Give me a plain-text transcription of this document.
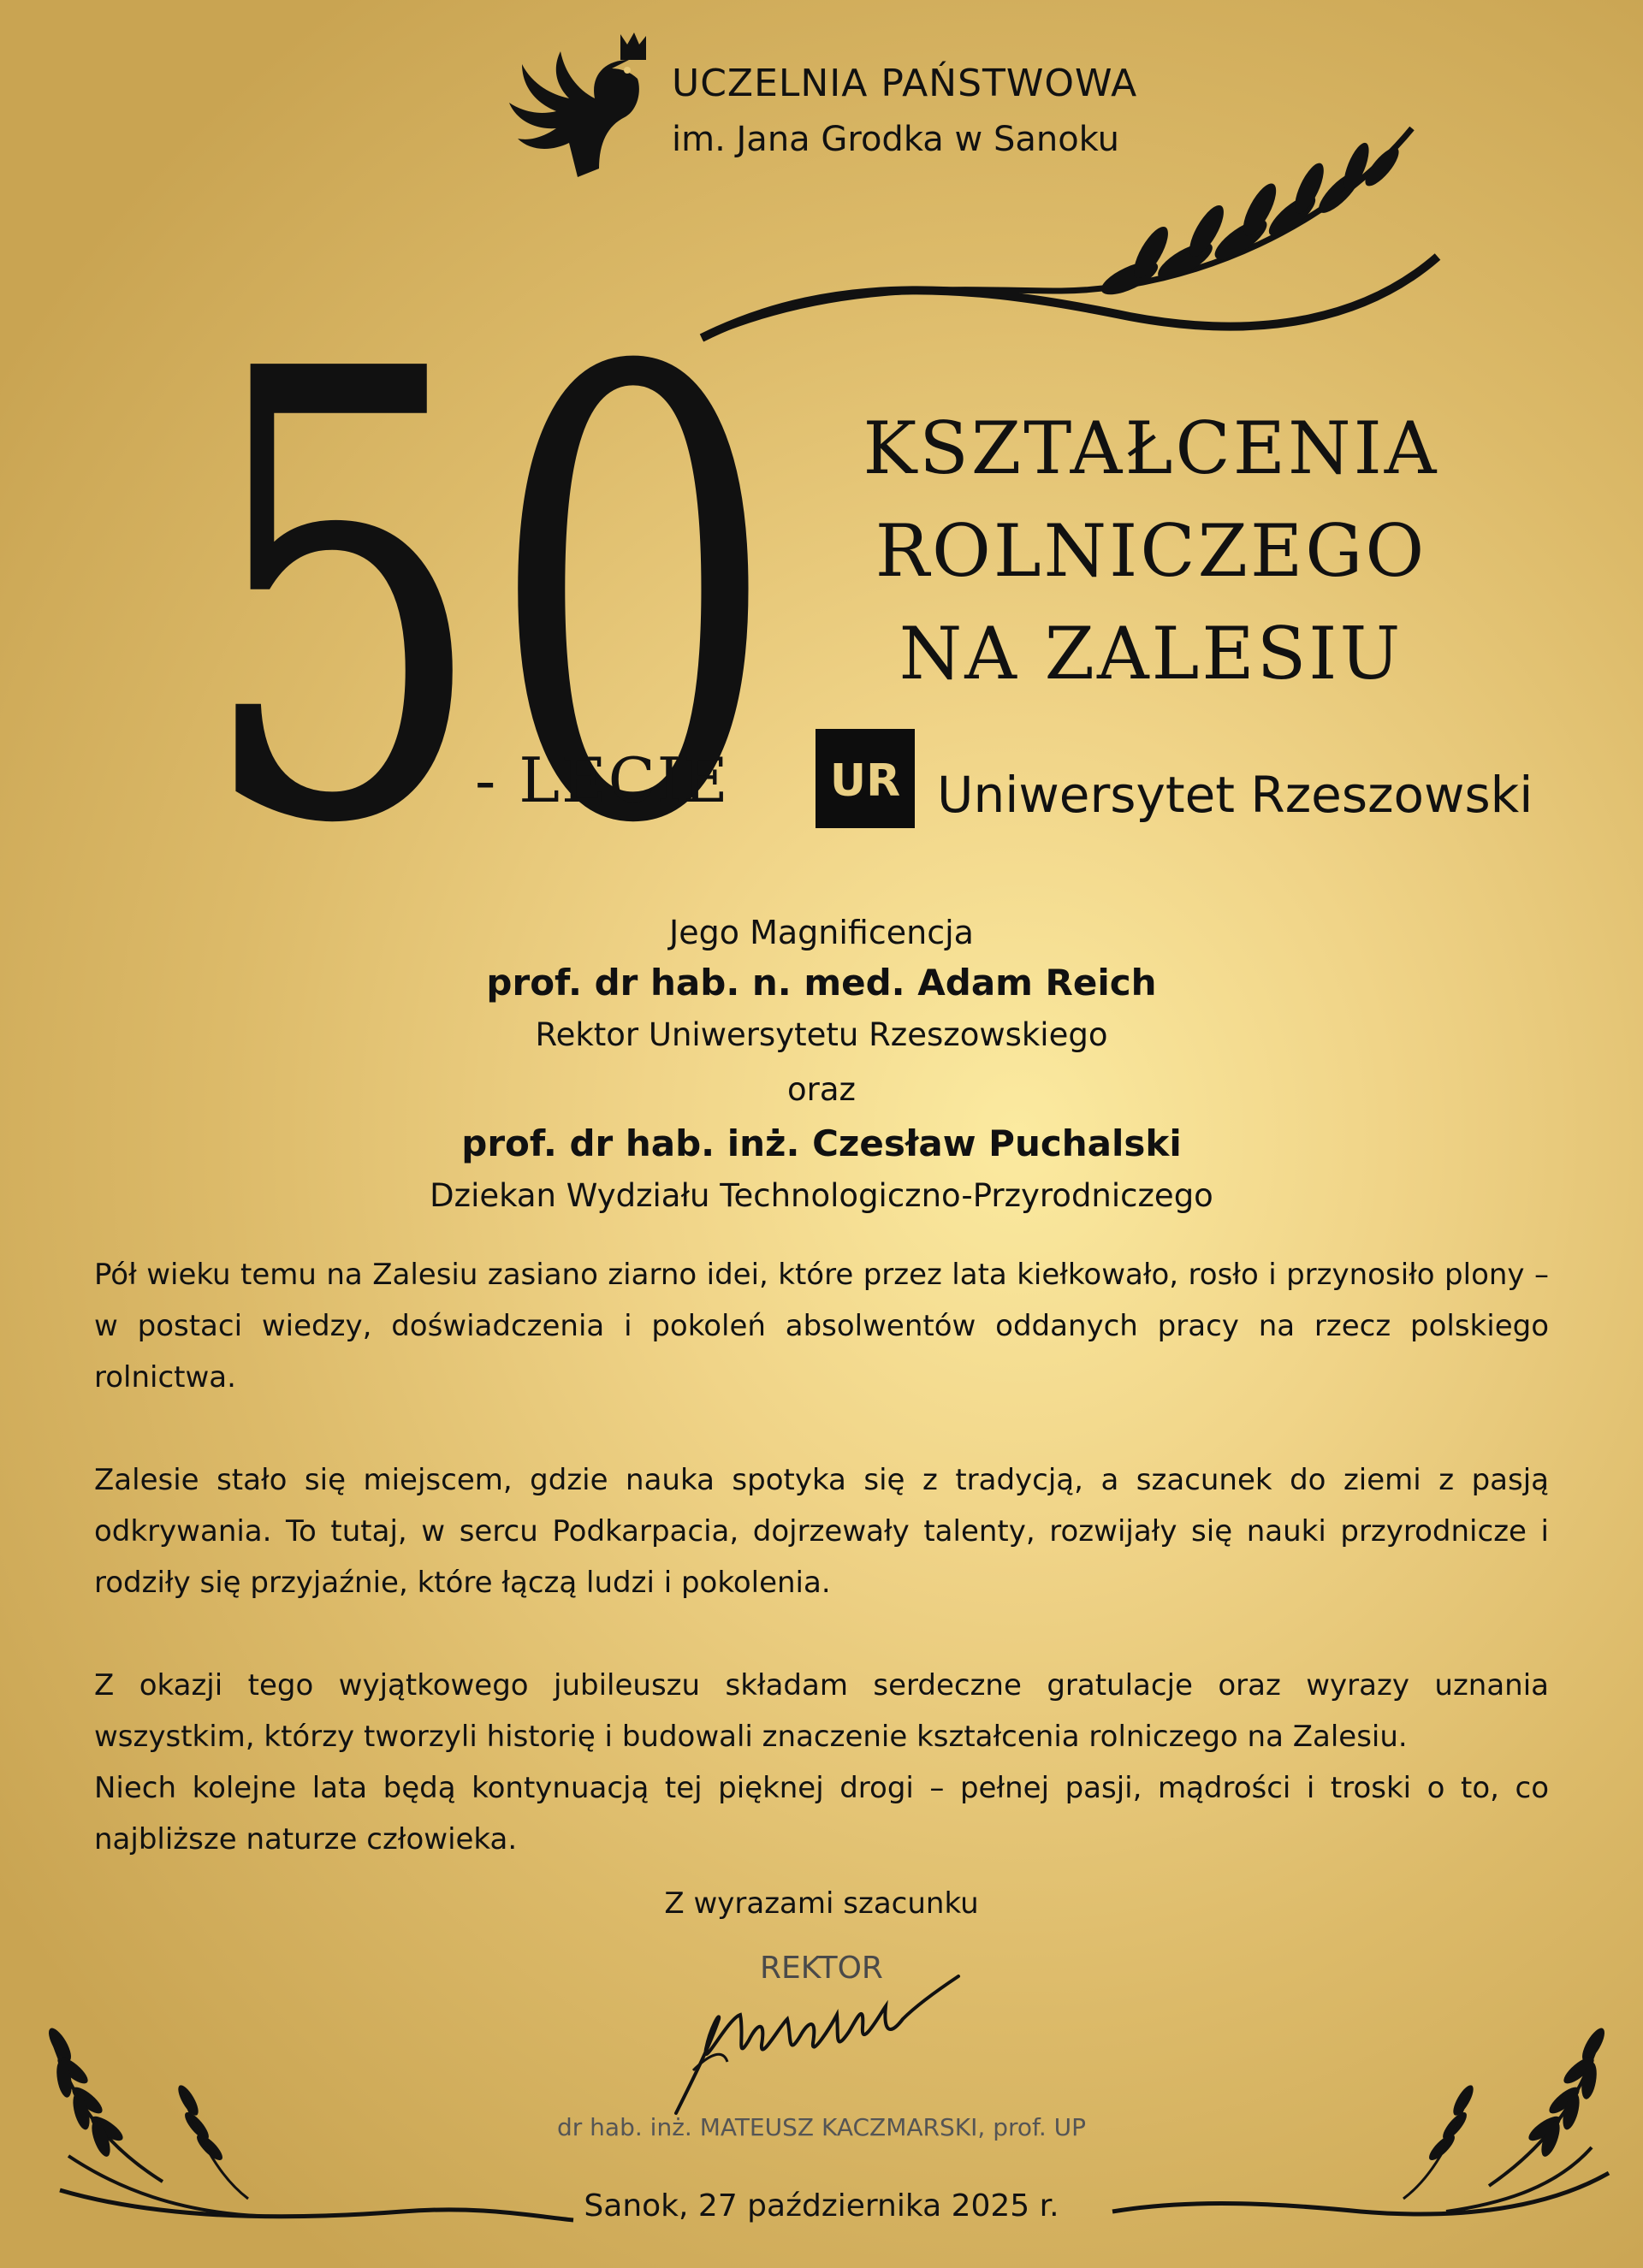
UCZELNIA PAŃSTWOWA
im. Jana Grodka w Sanoku
50
- LECIE
KSZTAŁCENIA
ROLNICZEGO
NA ZALESIU
UR Uniwersytet Rzeszowski
Jego Magnificencja
prof. dr hab. n. med. Adam Reich
Rektor Uniwersytetu Rzeszowskiego
oraz
prof. dr hab. inż. Czesław Puchalski
Dziekan Wydziału Technologiczno-Przyrodniczego
Pół wieku temu na Zalesiu zasiano ziarno idei, które przez lata kiełkowało, rosło i przynosiło plony – w postaci wiedzy, doświadczenia i pokoleń absolwentów oddanych pracy na rzecz polskiego rolnictwa.
Zalesie stało się miejscem, gdzie nauka spotyka się z tradycją, a szacunek do ziemi z pasją odkrywania. To tutaj, w sercu Podkarpacia, dojrzewały talenty, rozwijały się nauki przyrodnicze i rodziły się przyjaźnie, które łączą ludzi i pokolenia.
Z okazji tego wyjątkowego jubileuszu składam serdeczne gratulacje oraz wyrazy uznania wszystkim, którzy tworzyli historię i budowali znaczenie kształcenia rolniczego na Zalesiu.
Niech kolejne lata będą kontynuacją tej pięknej drogi – pełnej pasji, mądrości i troski o to, co najbliższe naturze człowieka.
Z wyrazami szacunku
REKTOR
dr hab. inż. MATEUSZ KACZMARSKI, prof. UP
Sanok, 27 października 2025 r.
